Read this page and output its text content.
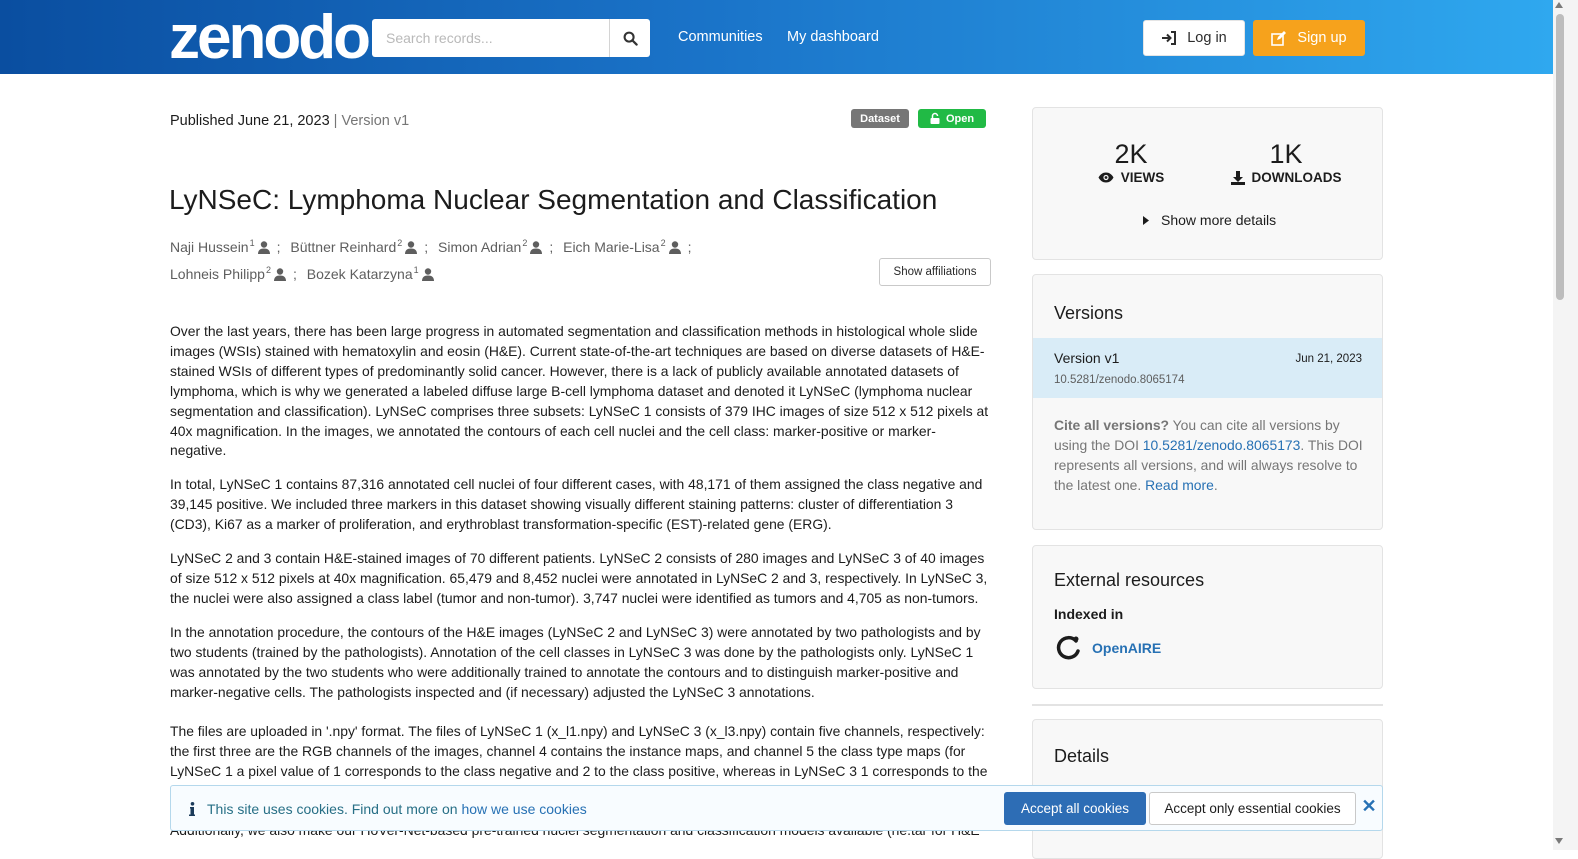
zenodo
Search records...	Communities My dashboard	Log in	Sign up
Published June 21, 2023 | Version v1	Dataset	Open
LyNSeC: Lymphoma Nuclear Segmentation and Classification
Naji Hussein$^1$ ;
Büttner Reinhard$^2$ ;
Simon Adrian$^2$ ;
Eich Marie-Lisa$^2$ ;

Lohneis Philipp$^2$ ;
Bozek Katarzyna$^1$	Show affiliations

Over the last years, there has been large progress in automated segmentation and classification methods in histological whole slide images (WSIs) stained with hematoxylin and eosin (H&E). Current state-of-the-art techniques are based on diverse datasets of H&E-stained WSIs of different types of predominantly solid cancer. However, there is a lack of publicly available annotated datasets of lymphoma, which is why we generated a labeled diffuse large B-cell lymphoma dataset and denoted it LyNSeC (lymphoma nuclear segmentation and classification). LyNSeC comprises three subsets: LyNSeC 1 consists of 379 IHC images of size 512 x 512 pixels at 40x magnification. In the images, we annotated the contours of each cell nuclei and the cell class: marker-positive or marker-negative.

In total, LyNSeC 1 contains 87,316 annotated cell nuclei of four different cases, with 48,171 of them assigned the class negative and 39,145 positive. We included three markers in this dataset showing visually different staining patterns: cluster of differentiation 3 (CD3), Ki67 as a marker of proliferation, and erythroblast transformation-specific (EST)-related gene (ERG).

LyNSeC 2 and 3 contain H&E-stained images of 70 different patients. LyNSeC 2 consists of 280 images and LyNSeC 3 of 40 images of size 512 x 512 pixels at 40x magnification. 65,479 and 8,452 nuclei were annotated in LyNSeC 2 and 3, respectively. In LyNSeC 3, the nuclei were also assigned a class label (tumor and non-tumor). 3,747 nuclei were identified as tumors and 4,705 as non-tumors.

In the annotation procedure, the contours of the H&E images (LyNSeC 2 and LyNSeC 3) were annotated by two pathologists and by two students (trained by the pathologists). Annotation of the cell classes in LyNSeC 3 was done by the pathologists only. LyNSeC 1 was annotated by the two students who were additionally trained to annotate the contours and to distinguish marker-positive and marker-negative cells. The pathologists inspected and (if necessary) adjusted the LyNSeC 3 annotations.

The files are uploaded in '.npy' format. The files of LyNSeC 1 (x_l1.npy) and LyNSeC 3 (x_l3.npy) contain five channels, respectively: the first three are the RGB channels of the images, channel 4 contains the instance maps, and channel 5 the class type maps (for LyNSeC 1 a pixel value of 1 corresponds to the class negative and 2 to the class positive, whereas in LyNSeC 3 1 corresponds to the

2K
VIEWS
1K
DOWNLOADS
Show more details
Versions
Version v1	Jun 21, 2023
10.5281/zenodo.8065174
Cite all versions? You can cite all versions by using the DOI 10.5281/zenodo.8065173. This DOI represents all versions, and will always resolve to the latest one. Read more.
External resources
Indexed in
OpenAIRE
Details
This site uses cookies. Find out more on how we use cookies	Accept all cookies	Accept only essential cookies	✕
